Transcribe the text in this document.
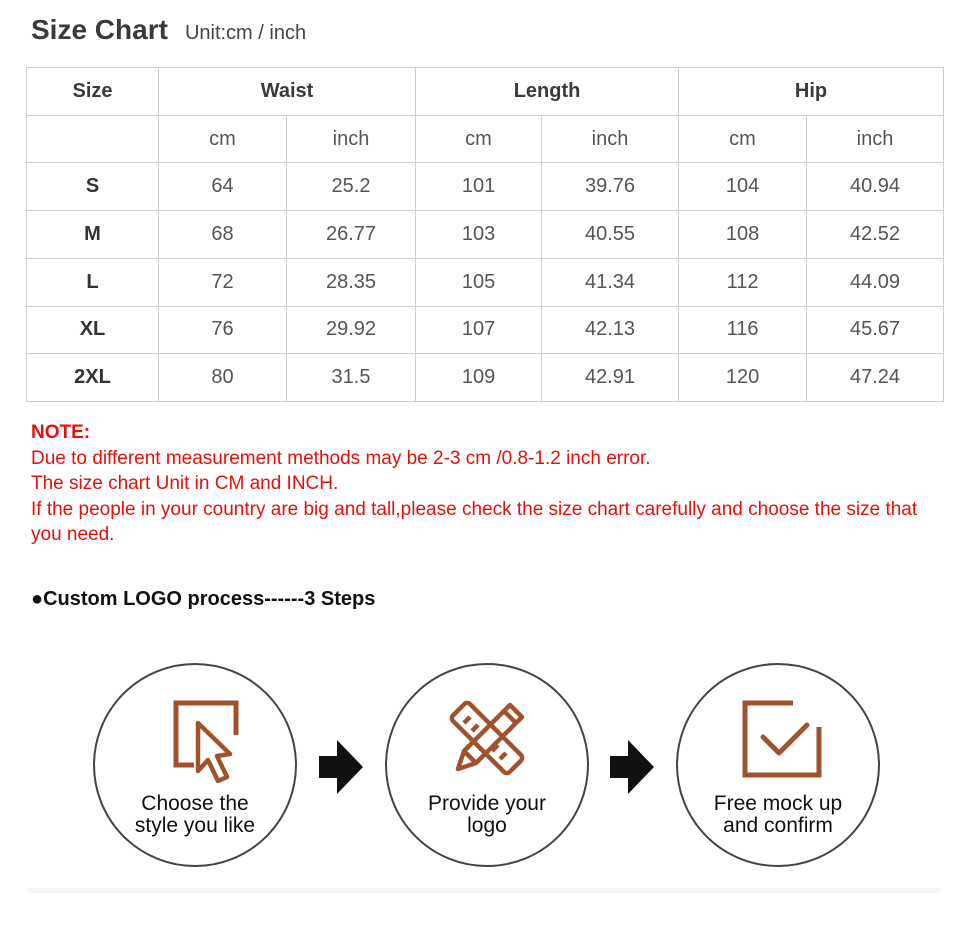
Size Chart Unit:cm / inch
Size	Waist		Length		Hip	
	cm	inch	cm	inch	cm	inch
S	64	25.2	101	39.76	104	40.94
M	68	26.77	103	40.55	108	42.52
L	72	28.35	105	41.34	112	44.09
XL	76	29.92	107	42.13	116	45.67
2XL	80	31.5	109	42.91	120	47.24
NOTE:
Due to different measurement methods may be 2-3 cm /0.8-1.2 inch error.
The size chart Unit in CM and INCH.
If the people in your country are big and tall,please check the size chart carefully and choose the size that you need.
●Custom LOGO process------3 Steps
Choose the
style you like
Provide your
logo
Free mock up
and confirm
